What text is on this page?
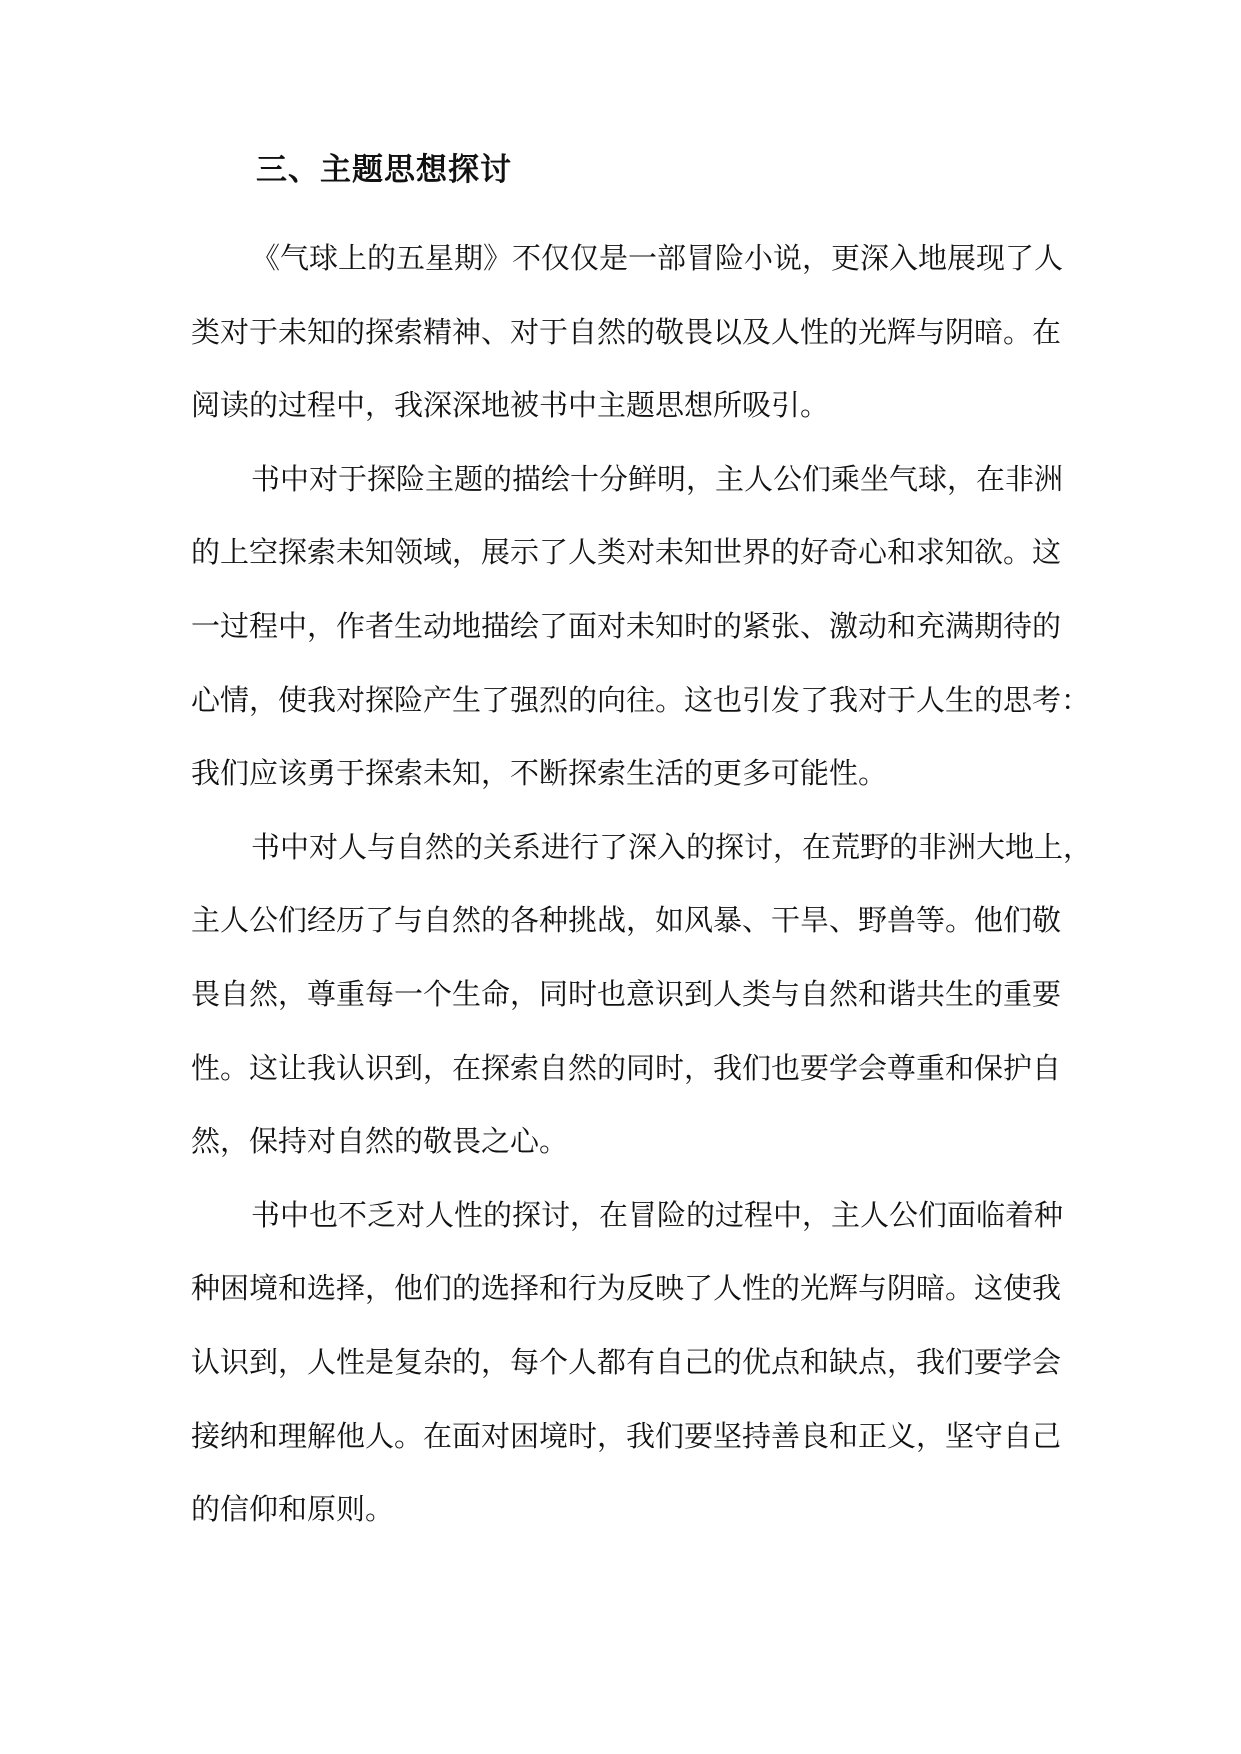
三、主题思想探讨
《气球上的五星期》不仅仅是一部冒险小说，更深入地展现了人
类对于未知的探索精神、对于自然的敬畏以及人性的光辉与阴暗。在
阅读的过程中，我深深地被书中主题思想所吸引。
书中对于探险主题的描绘十分鲜明，主人公们乘坐气球，在非洲
的上空探索未知领域，展示了人类对未知世界的好奇心和求知欲。这
一过程中，作者生动地描绘了面对未知时的紧张、激动和充满期待的
心情，使我对探险产生了强烈的向往。这也引发了我对于人生的思考：
我们应该勇于探索未知，不断探索生活的更多可能性。
书中对人与自然的关系进行了深入的探讨，在荒野的非洲大地上，
主人公们经历了与自然的各种挑战，如风暴、干旱、野兽等。他们敬
畏自然，尊重每一个生命，同时也意识到人类与自然和谐共生的重要
性。这让我认识到，在探索自然的同时，我们也要学会尊重和保护自
然，保持对自然的敬畏之心。
书中也不乏对人性的探讨，在冒险的过程中，主人公们面临着种
种困境和选择，他们的选择和行为反映了人性的光辉与阴暗。这使我
认识到，人性是复杂的，每个人都有自己的优点和缺点，我们要学会
接纳和理解他人。在面对困境时，我们要坚持善良和正义，坚守自己
的信仰和原则。
